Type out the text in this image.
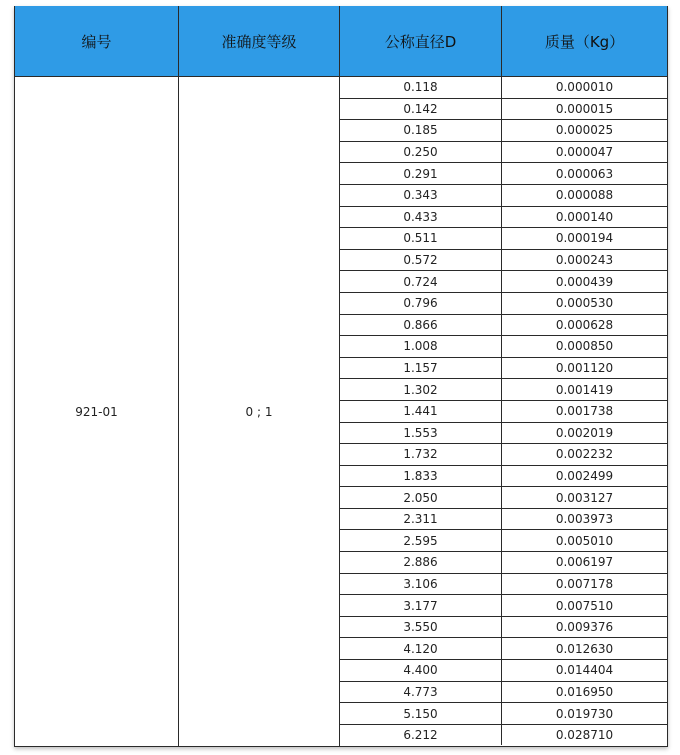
编号	准确度等级	公称直径D	质量（Kg）
921-01	0 ; 1
0.118	0.000010
0.142	0.000015
0.185	0.000025
0.250	0.000047
0.291	0.000063
0.343	0.000088
0.433	0.000140
0.511	0.000194
0.572	0.000243
0.724	0.000439
0.796	0.000530
0.866	0.000628
1.008	0.000850
1.157	0.001120
1.302	0.001419
1.441	0.001738
1.553	0.002019
1.732	0.002232
1.833	0.002499
2.050	0.003127
2.311	0.003973
2.595	0.005010
2.886	0.006197
3.106	0.007178
3.177	0.007510
3.550	0.009376
4.120	0.012630
4.400	0.014404
4.773	0.016950
5.150	0.019730
6.212	0.028710
